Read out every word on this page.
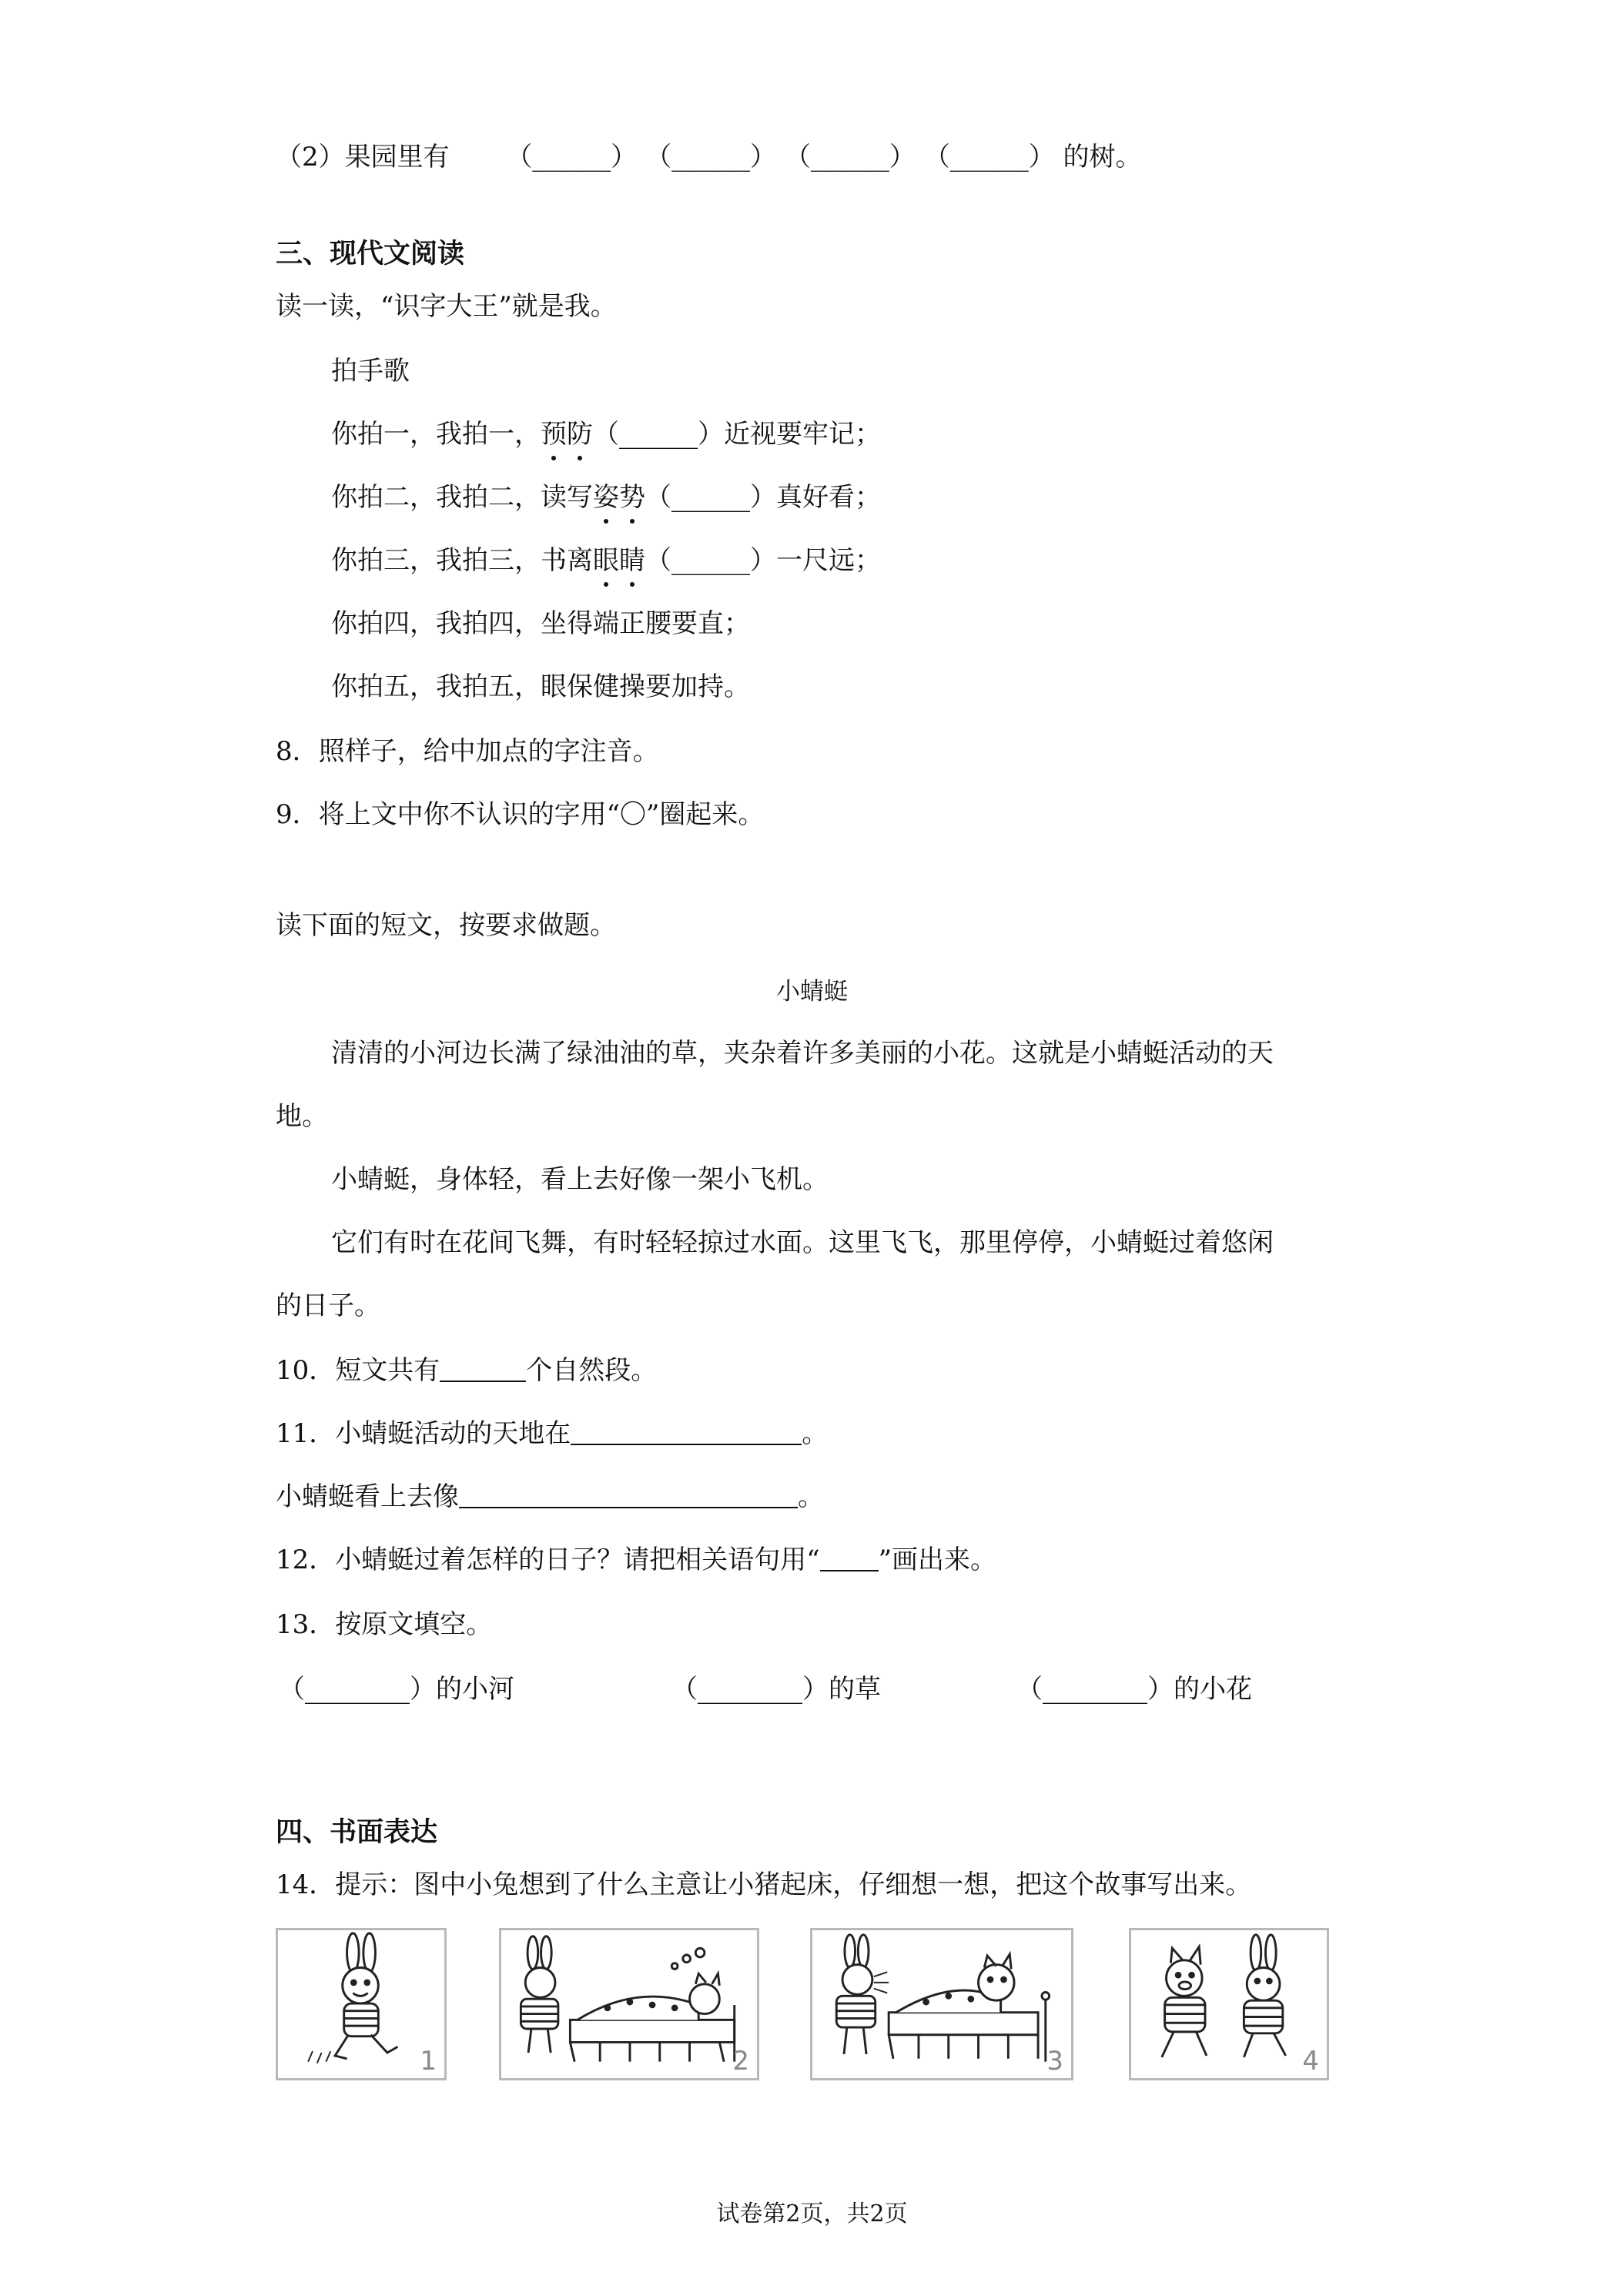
（2）果园里有 （______） （______） （______） （______） 的树。
三、现代文阅读
读一读，“识字大王”就是我。
拍手歌
你拍一，我拍一，预防（______）近视要牢记；
你拍二，我拍二，读写姿势（______）真好看；
你拍三，我拍三，书离眼睛（______）一尺远；
你拍四，我拍四，坐得端正腰要直；
你拍五，我拍五，眼保健操要加持。
8．照样子，给中加点的字注音。
9．将上文中你不认识的字用“〇”圈起来。
读下面的短文，按要求做题。
小蜻蜓
清清的小河边长满了绿油油的草，夹杂着许多美丽的小花。这就是小蜻蜓活动的天
地。
小蜻蜓，身体轻，看上去好像一架小飞机。
它们有时在花间飞舞，有时轻轻掠过水面。这里飞飞，那里停停，小蜻蜓过着悠闲
的日子。
10．短文共有	个自然段。
11．小蜻蜓活动的天地在	。
小蜻蜓看上去像	。
12．小蜻蜓过着怎样的日子？请把相关语句用“ ”画出来。
13．按原文填空。
（________）的小河	（________）的草	（________）的小花
四、书面表达
14．提示：图中小兔想到了什么主意让小猪起床，仔细想一想，把这个故事写出来。
1	2	3	4
试卷第2页，共2页
